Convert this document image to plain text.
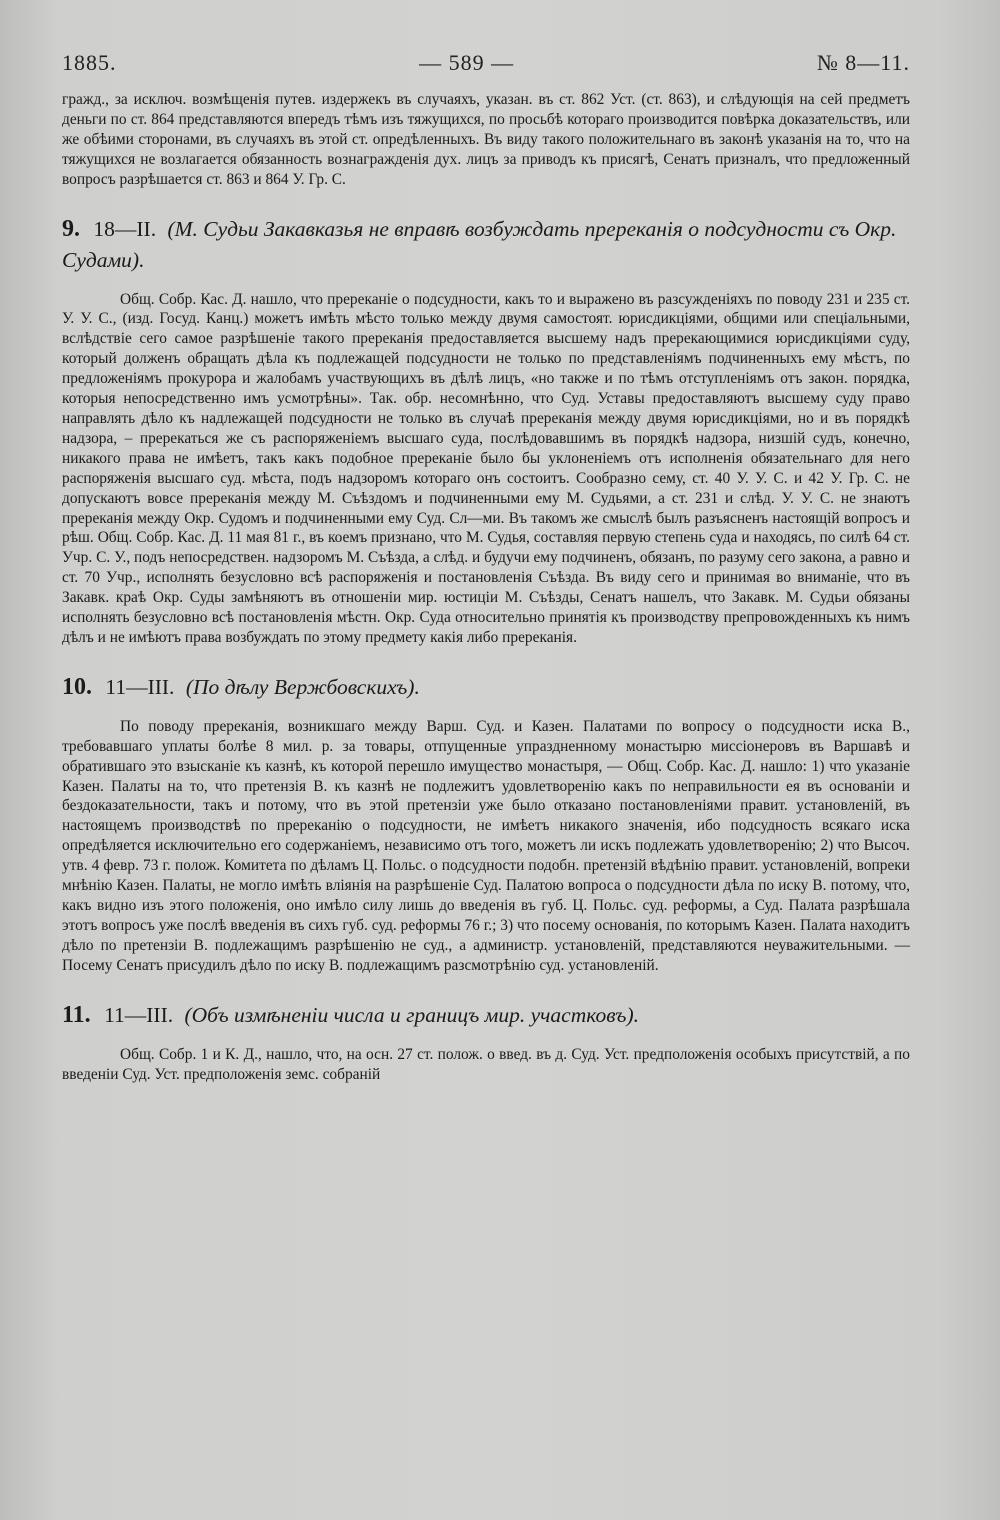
1885.	— 589 —	№ 8—11.

гражд., за исключ. возмѣщенія путев. издержекъ въ случаяхъ, указан. въ ст. 862 Уст. (ст. 863), и слѣдующія на сей предметъ деньги по ст. 864 представляются впередъ тѣмъ изъ тяжущихся, по просьбѣ котораго производится повѣрка доказательствъ, или же обѣими сторонами, въ случаяхъ въ этой ст. опредѣленныхъ. Въ виду такого положительнаго въ законѣ указанія на то, что на тяжущихся не возлагается обязанность вознагражденія дух. лицъ за приводъ къ присягѣ, Сенатъ призналъ, что предложенный вопросъ разрѣшается ст. 863 и 864 У. Гр. С.

9. 18—II. (М. Судьи Закавказья не вправѣ возбуждать пререканія о подсудности съ Окр. Судами).

Общ. Собр. Кас. Д. нашло, что пререканіе о подсудности, какъ то и выражено въ разсужденіяхъ по поводу 231 и 235 ст. У. У. С., (изд. Госуд. Канц.) можетъ имѣть мѣсто только между двумя самостоят. юрисдикціями, общими или спеціальными, вслѣдствіе сего самое разрѣшеніе такого пререканія предоставляется высшему надъ пререкающимися юрисдикціями суду, который долженъ обращать дѣла къ подлежащей подсудности не только по представленіямъ подчиненныхъ ему мѣстъ, по предложеніямъ прокурора и жалобамъ участвующихъ въ дѣлѣ лицъ, «но также и по тѣмъ отступленіямъ отъ закон. порядка, которыя непосредственно имъ усмотрѣны». Так. обр. несомнѣнно, что Суд. Уставы предоставляютъ высшему суду право направлять дѣло къ надлежащей подсудности не только въ случаѣ пререканія между двумя юрисдикціями, но и въ порядкѣ надзора, – пререкаться же съ распоряженіемъ высшаго суда, послѣдовавшимъ въ порядкѣ надзора, низшій судъ, конечно, никакого права не имѣетъ, такъ какъ подобное пререканіе было бы уклоненіемъ отъ исполненія обязательнаго для него распоряженія высшаго суд. мѣста, подъ надзоромъ котораго онъ состоитъ. Сообразно сему, ст. 40 У. У. С. и 42 У. Гр. С. не допускаютъ вовсе пререканія между М. Съѣздомъ и подчиненными ему М. Судьями, а ст. 231 и слѣд. У. У. С. не знаютъ пререканія между Окр. Судомъ и подчиненными ему Суд. Сл—ми. Въ такомъ же смыслѣ былъ разъясненъ настоящій вопросъ и рѣш. Общ. Собр. Кас. Д. 11 мая 81 г., въ коемъ признано, что М. Судья, составляя первую степень суда и находясь, по силѣ 64 ст. Учр. С. У., подъ непосредствен. надзоромъ М. Съѣзда, а слѣд. и будучи ему подчиненъ, обязанъ, по разуму сего закона, а равно и ст. 70 Учр., исполнять безусловно всѣ распоряженія и постановленія Съѣзда. Въ виду сего и принимая во вниманіе, что въ Закавк. краѣ Окр. Суды замѣняютъ въ отношеніи мир. юстиціи М. Съѣзды, Сенатъ нашелъ, что Закавк. М. Судьи обязаны исполнять безусловно всѣ постановленія мѣстн. Окр. Суда относительно принятія къ производству препровожденныхъ къ нимъ дѣлъ и не имѣютъ права возбуждать по этому предмету какія либо пререканія.

10. 11—III. (По дѣлу Вержбовскихъ).

По поводу пререканія, возникшаго между Варш. Суд. и Казен. Палатами по вопросу о подсудности иска В., требовавшаго уплаты болѣе 8 мил. р. за товары, отпущенные упраздненному монастырю миссіонеровъ въ Варшавѣ и обратившаго это взысканіе къ казнѣ, къ которой перешло имущество монастыря, — Общ. Собр. Кас. Д. нашло: 1) что указаніе Казен. Палаты на то, что претензія В. къ казнѣ не подлежитъ удовлетворенію какъ по неправильности ея въ основаніи и бездоказательности, такъ и потому, что въ этой претензіи уже было отказано постановленіями правит. установленій, въ настоящемъ производствѣ по пререканію о подсудности, не имѣетъ никакого значенія, ибо подсудность всякаго иска опредѣляется исключительно его содержаніемъ, независимо отъ того, можетъ ли искъ подлежать удовлетворенію; 2) что Высоч. утв. 4 февр. 73 г. полож. Комитета по дѣламъ Ц. Польс. о подсудности подобн. претензій вѣдѣнію правит. установленій, вопреки мнѣнію Казен. Палаты, не могло имѣть вліянія на разрѣшеніе Суд. Палатою вопроса о подсудности дѣла по иску В. потому, что, какъ видно изъ этого положенія, оно имѣло силу лишь до введенія въ губ. Ц. Польс. суд. реформы, а Суд. Палата разрѣшала этотъ вопросъ уже послѣ введенія въ сихъ губ. суд. реформы 76 г.; 3) что посему основанія, по которымъ Казен. Палата находитъ дѣло по претензіи В. подлежащимъ разрѣшенію не суд., а администр. установленій, представляются неуважительными. — Посему Сенатъ присудилъ дѣло по иску В. подлежащимъ разсмотрѣнію суд. установленій.

11. 11—III. (Объ измѣненіи числа и границъ мир. участковъ).

Общ. Собр. 1 и К. Д., нашло, что, на осн. 27 ст. полож. о введ. въ д. Суд. Уст. предположенія особыхъ присутствій, а по введеніи Суд. Уст. предположенія земс. собраній
